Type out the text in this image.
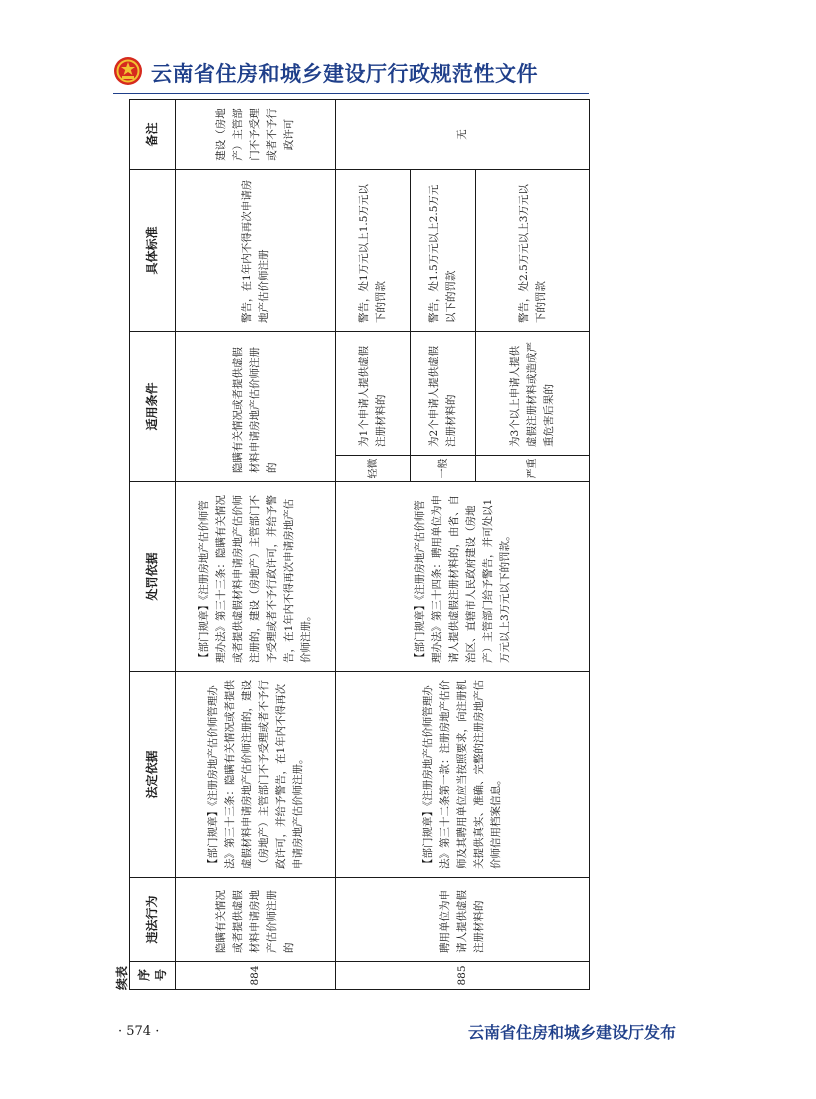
云南省住房和城乡建设厅行政规范性文件
续表 序号	违法行为	法定依据	处罚依据	适用条件		具体标准	备注
884	隐瞒有关情况或者提供虚假材料申请房地产估价师注册的	【部门规章】《注册房地产估价师管理办法》第三十三条：隐瞒有关情况或者提供虚假材料申请房地产估价师注册的，建设（房地产）主管部门不予受理或者不予行政许可，并给予警告，在1年内不得再次申请房地产估价师注册。	【部门规章】《注册房地产估价师管理办法》第三十三条：隐瞒有关情况或者提供虚假材料申请房地产估价师注册的，建设（房地产）主管部门不予受理或者不予行政许可，并给予警告，在1年内不得再次申请房地产估价师注册。	隐瞒有关情况或者提供虚假材料申请房地产估价师注册的		警告，在1年内不得再次申请房地产估价师注册	建设（房地产）主管部门不予受理或者不予行政许可
885	聘用单位为申请人提供虚假注册材料的	【部门规章】《注册房地产估价师管理办法》第三十二条第一款：注册房地产估价师及其聘用单位应当按照要求，向注册机关提供真实、准确、完整的注册房地产估价师信用档案信息。	【部门规章】《注册房地产估价师管理办法》第三十四条：聘用单位为申请人提供虚假注册材料的，由省、自治区、直辖市人民政府建设（房地产）主管部门给予警告，并可处以1万元以上3万元以下的罚款。	轻微	为1个申请人提供虚假注册材料的	警告，处1万元以上1.5万元以下的罚款	无

				一般	为2个申请人提供虚假注册材料的	警告，处1.5万元以上2.5万元以下的罚款	

				严重	为3个以上申请人提供虚假注册材料或造成严重危害后果的	警告，处2.5万元以上3万元以下的罚款	
· 574 ·	云南省住房和城乡建设厅发布
